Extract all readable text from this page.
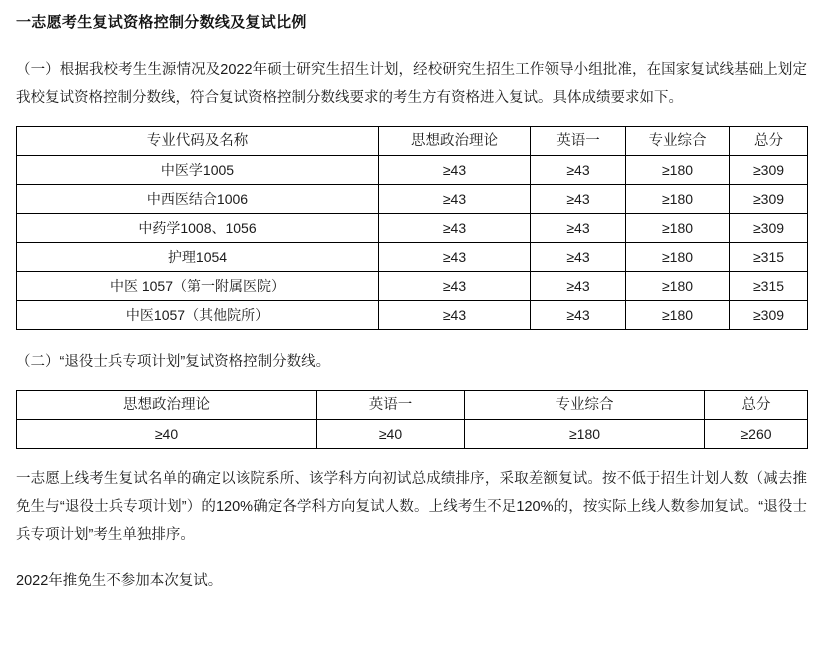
一志愿考生复试资格控制分数线及复试比例

（一）根据我校考生生源情况及2022年硕士研究生招生计划，经校研究生招生工作领导小组批准，在国家复试线基础上划定我校复试资格控制分数线，符合复试资格控制分数线要求的考生方有资格进入复试。具体成绩要求如下。

专业代码及名称	思想政治理论	英语一	专业综合	总分
中医学1005	≥43	≥43	≥180	≥309
中西医结合1006	≥43	≥43	≥180	≥309
中药学1008、1056	≥43	≥43	≥180	≥309
护理1054	≥43	≥43	≥180	≥315
中医 1057（第一附属医院）	≥43	≥43	≥180	≥315
中医1057（其他院所）	≥43	≥43	≥180	≥309

（二）“退役士兵专项计划”复试资格控制分数线。

思想政治理论	英语一	专业综合	总分
≥40	≥40	≥180	≥260

一志愿上线考生复试名单的确定以该院系所、该学科方向初试总成绩排序，采取差额复试。按不低于招生计划人数（减去推免生与“退役士兵专项计划”）的120%确定各学科方向复试人数。上线考生不足120%的，按实际上线人数参加复试。“退役士兵专项计划”考生单独排序。

2022年推免生不参加本次复试。
